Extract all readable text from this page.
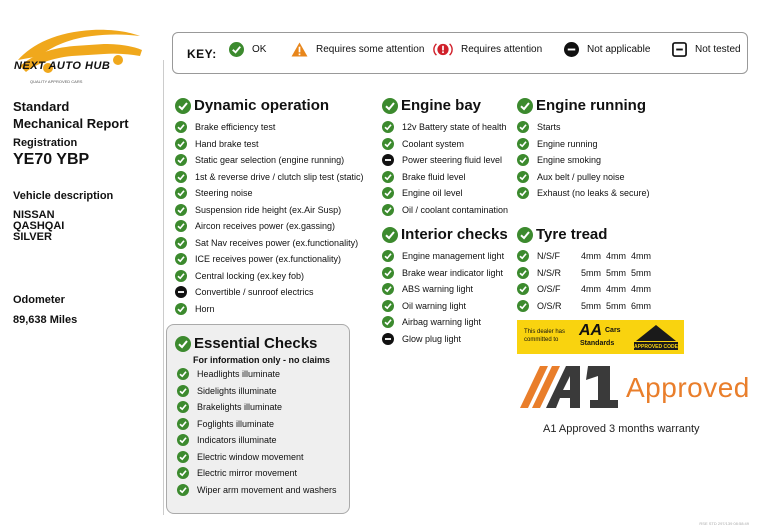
NEXT AUTO HUB
QUALITY APPROVED CARS
KEY:	OK	Requires some attention	Requires attention	Not applicable	Not tested
Standard
Mechanical Report
Registration
YE70 YBP
Vehicle description
NISSAN
QASHQAI
SILVER
Odometer
89,638 Miles
Dynamic operation
Brake efficiency test
Hand brake test
Static gear selection (engine running)
1st & reverse drive / clutch slip test (static)
Steering noise
Suspension ride height (ex.Air Susp)
Aircon receives power (ex.gassing)
Sat Nav receives power (ex.functionality)
ICE receives power (ex.functionality)
Central locking (ex.key fob)
Convertible / sunroof electrics
Horn
Engine bay
12v Battery state of health
Coolant system
Power steering fluid level
Brake fluid level
Engine oil level
Oil / coolant contamination
Engine running
Starts
Engine running
Engine smoking
Aux belt / pulley noise
Exhaust (no leaks & secure)
Interior checks
Engine management light
Brake wear indicator light
ABS warning light
Oil warning light
Airbag warning light
Glow plug light
Tyre tread
N/S/F	4mm  4mm  4mm
N/S/R	5mm  5mm  5mm
O/S/F	4mm  4mm  4mm
O/S/R	5mm  5mm  6mm
Essential Checks
For information only - no claims
Headlights illuminate
Sidelights illuminate
Brakelights illuminate
Foglights illuminate
Indicators illuminate
Electric window movement
Electric mirror movement
Wiper arm movement and washers
This dealer has committed to
AA Cars
Standards	APPROVED CODE
Approved
A1 Approved 3 months warranty
RSE STD 297/139 08:58:49
